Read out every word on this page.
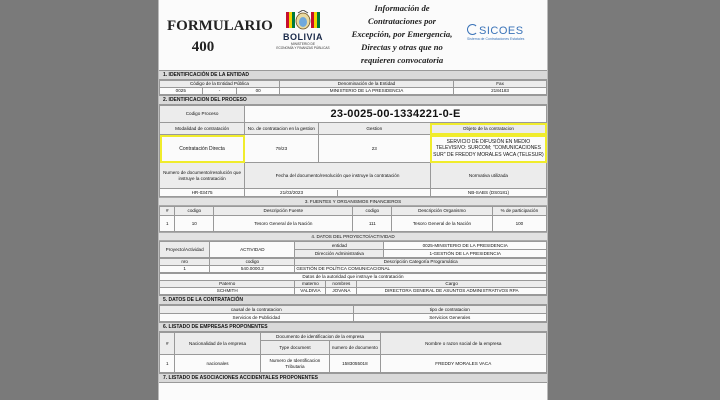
FORMULARIO
400
BOLIVIA
MINISTERIO DE
ECONOMÍA Y FINANZAS PÚBLICAS
Información de
Contrataciones por
Excepción, por Emergencia,
Directas y otras que no
requieren convocatoria
SICOES
Sistema de Contrataciones Estatales
1. IDENTIFICACIÓN DE LA ENTIDAD
Código de la Entidad Pública			Denominación de la Entidad	Fax
0025	-	00	MINISTERIO DE LA PRESIDENCIA	2184183
2. IDENTIFICACION DEL PROCESO
Codigo Proceso	23-0025-00-1334221-0-E
Modalidad de contratación	No. de contratacion en la gestion	Gestion	Objeto de la contratacion
Contratación Directa	79/23	23	SERVICIO DE DIFUSIÓN EN MEDIO TELEVISIVO: SURCOM; "COMUNICACIONES SUR" DE FREDDY MORALES VACA (TELESUR)
Numero de documento/resolución que instruye la contratación	Fecha del documento/resolución que instruye la contratación	Normativa utilizada
HR-03475		21/03/2023	
		NB-SABS (DS0181)
3. FUENTES Y ORGANISMOS FINANCIEROS
#	codigo	Descripción Fuente	codigo	Descripción Organismo	% de participación
1	10	Tesoro General de la Nación	111	Tesoro General de la Nación	100
4. DATOS DEL PROYECTO/ACTIVIDAD
Proyecto/Actividad	ACTIVIDAD	entidad	0025-MINISTERIO DE LA PRESIDENCIA
		Dirección Administrativa	1-GESTIÓN DE LA PRESIDENCIA
nro	codigo	Descripción Categoría Programática
1	540.0000.2	GESTIÓN DE POLÍTICA COMUNICACIONAL
Datos de la autoridad que instruye la contratación			
Paterno	materno	nombres	Cargo
SCHMITH	VALDIVIA	JOVANA	DIRECTORA GENERAL DE ASUNTOS ADMINISTRATIVOS RPA
5. DATOS DE LA CONTRATACIÓN
causal de la contratacion	tipo de contratacion
Servicios de Publicidad	Servicios Generales
6. LISTADO DE EMPRESAS PROPONENTES
#	Nacionalidad de la empresa	Documento de identificacion de la empresa		Nombre o razon social de la empresa
		Type document	numero de documento	
1	nacionales	Numero de Identificacion Tributaria	1583055018	FREDDY MORALES VACA
7. LISTADO DE ASOCIACIONES ACCIDENTALES PROPONENTES
